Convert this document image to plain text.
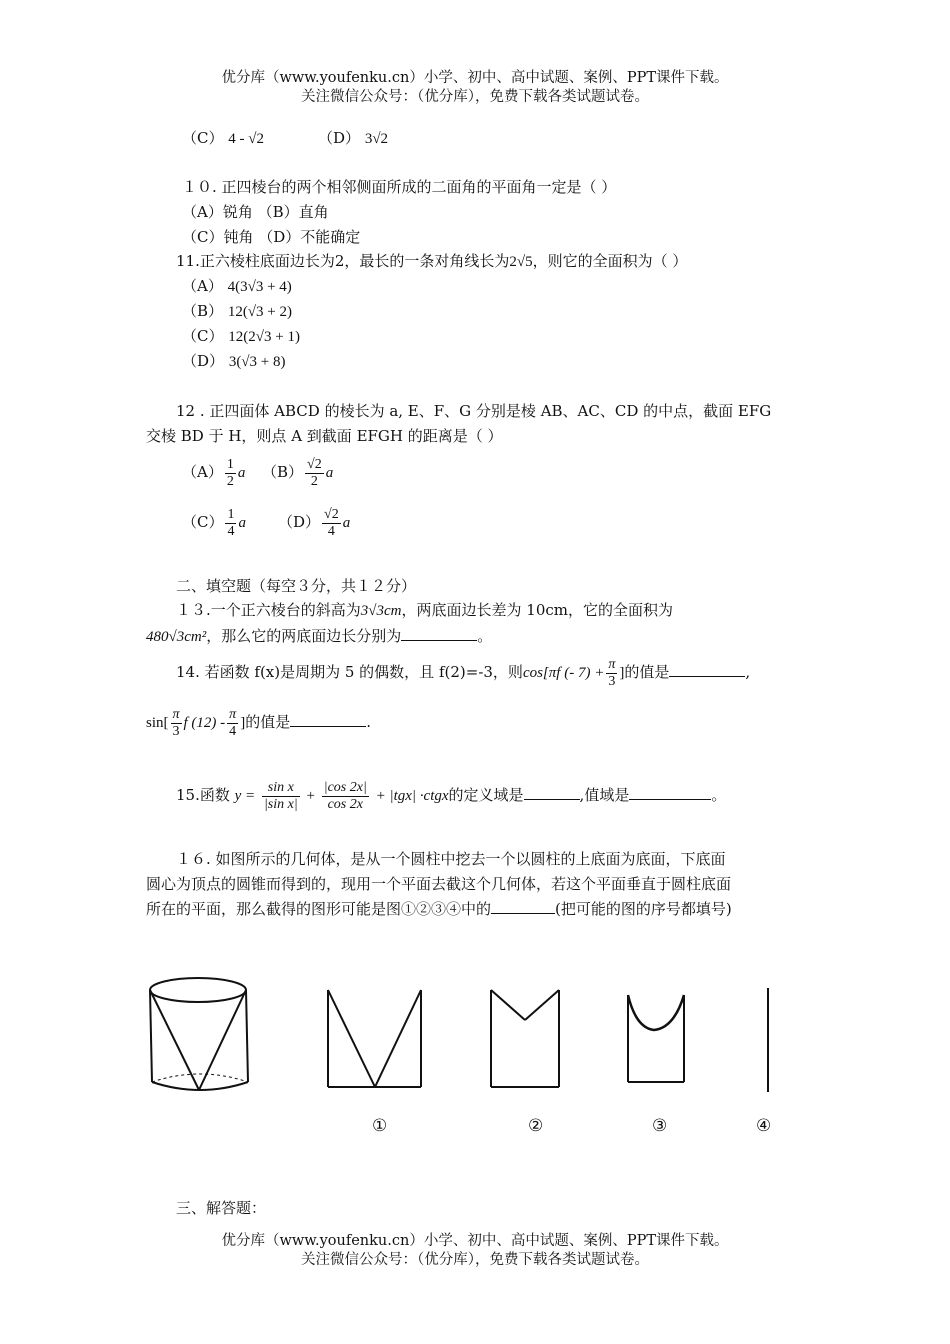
优分库（www.youfenku.cn）小学、初中、高中试题、案例、PPT课件下载。
关注微信公众号：（优分库），免费下载各类试题试卷。
（C） 4 - √2	（D） 3√2
１０. 正四棱台的两个相邻侧面所成的二面角的平面角一定是（ ）
（A）锐角 （B）直角
（C）钝角 （D）不能确定
11.正六棱柱底面边长为2，最长的一条对角线长为2√5，则它的全面积为（ ）
（A） 4(3√3 + 4)
（B） 12(√3 + 2)
（C） 12(2√3 + 1)
（D） 3(√3 + 8)
12 . 正四面体 ABCD 的棱长为 a, E、F、G 分别是棱 AB、AC、CD 的中点，截面 EFG
交棱 BD 于 H，则点 A 到截面 EFGH 的距离是（ ）
$(A) \frac{1}{2}$ a $(B) \frac{√2}{2}$ a
$(C) \frac{1}{4}$ a $(D) \frac{√2}{4}$ a
二、填空题（每空３分，共１２分）
１３.一个正六棱台的斜高为3√3cm，两底面边长差为 10cm，它的全面积为
480√3cm²，那么它的两底面边长分别为	。
14. 若函数 f(x)是周期为 5 的偶数，且 f(2)=-3，则cos[πf (- $7) + \frac{\pi}{3}$ ]的值是	,
$\sin[ \frac{\pi}{3}$ f $(12) - \frac{\pi}{4}$ ]的值是	.
15.函数 $y = \frac{\text{sin x}}{\text{|sin x|}} + \frac{|\cos 2x|}{\cos 2x} + |tgx|$ ·ctgx的定义域是	,值域是	。
１６. 如图所示的几何体，是从一个圆柱中挖去一个以圆柱的上底面为底面，下底面
圆心为顶点的圆锥而得到的，现用一个平面去截这个几何体，若这个平面垂直于圆柱底面
所在的平面，那么截得的图形可能是图①②③④中的	(把可能的图的序号都填号)
①	②	③	④
三、解答题：
优分库（www.youfenku.cn）小学、初中、高中试题、案例、PPT课件下载。
关注微信公众号：（优分库），免费下载各类试题试卷。
